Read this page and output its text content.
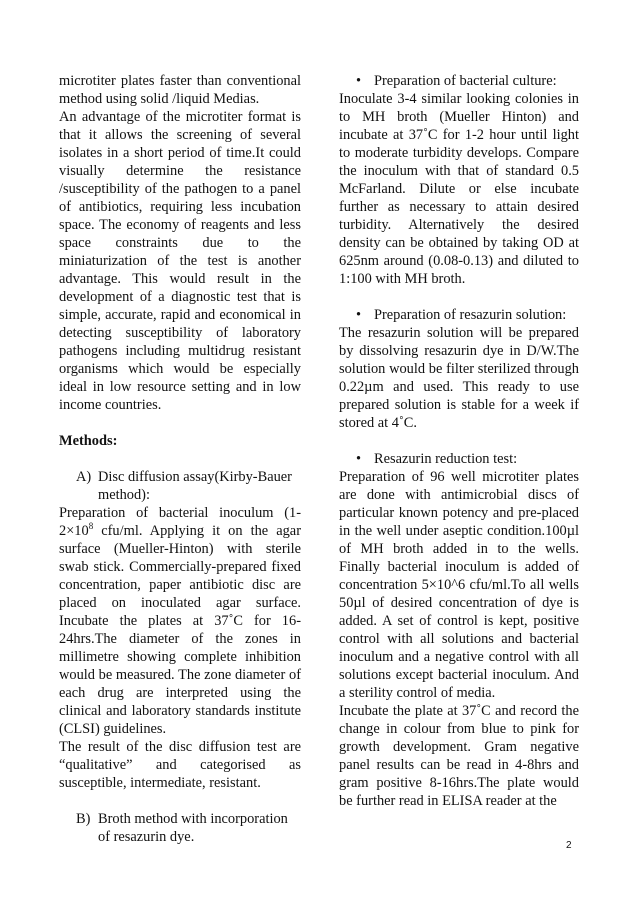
microtiter plates faster than conventional method using solid /liquid Medias.

An advantage of the microtiter format is that it allows the screening of several isolates in a short period of time.It could visually determine the resistance /susceptibility of the pathogen to a panel of antibiotics, requiring less incubation space. The economy of reagents and less space constraints due to the miniaturization of the test is another advantage. This would result in the development of a diagnostic test that is simple, accurate, rapid and economical in detecting susceptibility of laboratory pathogens including multidrug resistant organisms which would be especially ideal in low resource setting and in low income countries.

Methods:

A) Disc diffusion assay(Kirby-Bauer method):

Preparation of bacterial inoculum ($1-2\times 10^8$ cfu/ml. Applying it on the agar surface (Mueller-Hinton) with sterile swab stick. Commercially-prepared fixed concentration, paper antibiotic disc are placed on inoculated agar surface. Incubate the plates at 37˚C for 16-24hrs.The diameter of the zones in millimetre showing complete inhibition would be measured. The zone diameter of each drug are interpreted using the clinical and laboratory standards institute (CLSI) guidelines.

The result of the disc diffusion test are “qualitative” and categorised as susceptible, intermediate, resistant.

B) Broth method with incorporation of resazurin dye.
• Preparation of bacterial culture:

Inoculate 3-4 similar looking colonies in to MH broth (Mueller Hinton) and incubate at 37˚C for 1-2 hour until light to moderate turbidity develops. Compare the inoculum with that of standard 0.5 McFarland. Dilute or else incubate further as necessary to attain desired turbidity. Alternatively the desired density can be obtained by taking OD at 625nm around (0.08-0.13) and diluted to 1:100 with MH broth.

• Preparation of resazurin solution:

The resazurin solution will be prepared by dissolving resazurin dye in D/W.The solution would be filter sterilized through 0.22µm and used. This ready to use prepared solution is stable for a week if stored at 4˚C.

• Resazurin reduction test:

Preparation of 96 well microtiter plates are done with antimicrobial discs of particular known potency and pre-placed in the well under aseptic condition.100µl of MH broth added in to the wells. Finally bacterial inoculum is added of concentration 5×10^6 cfu/ml.To all wells 50µl of desired concentration of dye is added. A set of control is kept, positive control with all solutions and bacterial inoculum and a negative control with all solutions except bacterial inoculum. And a sterility control of media.

Incubate the plate at 37˚C and record the change in colour from blue to pink for growth development. Gram negative panel results can be read in 4-8hrs and gram positive 8-16hrs.The plate would be further read in ELISA reader at the

2
